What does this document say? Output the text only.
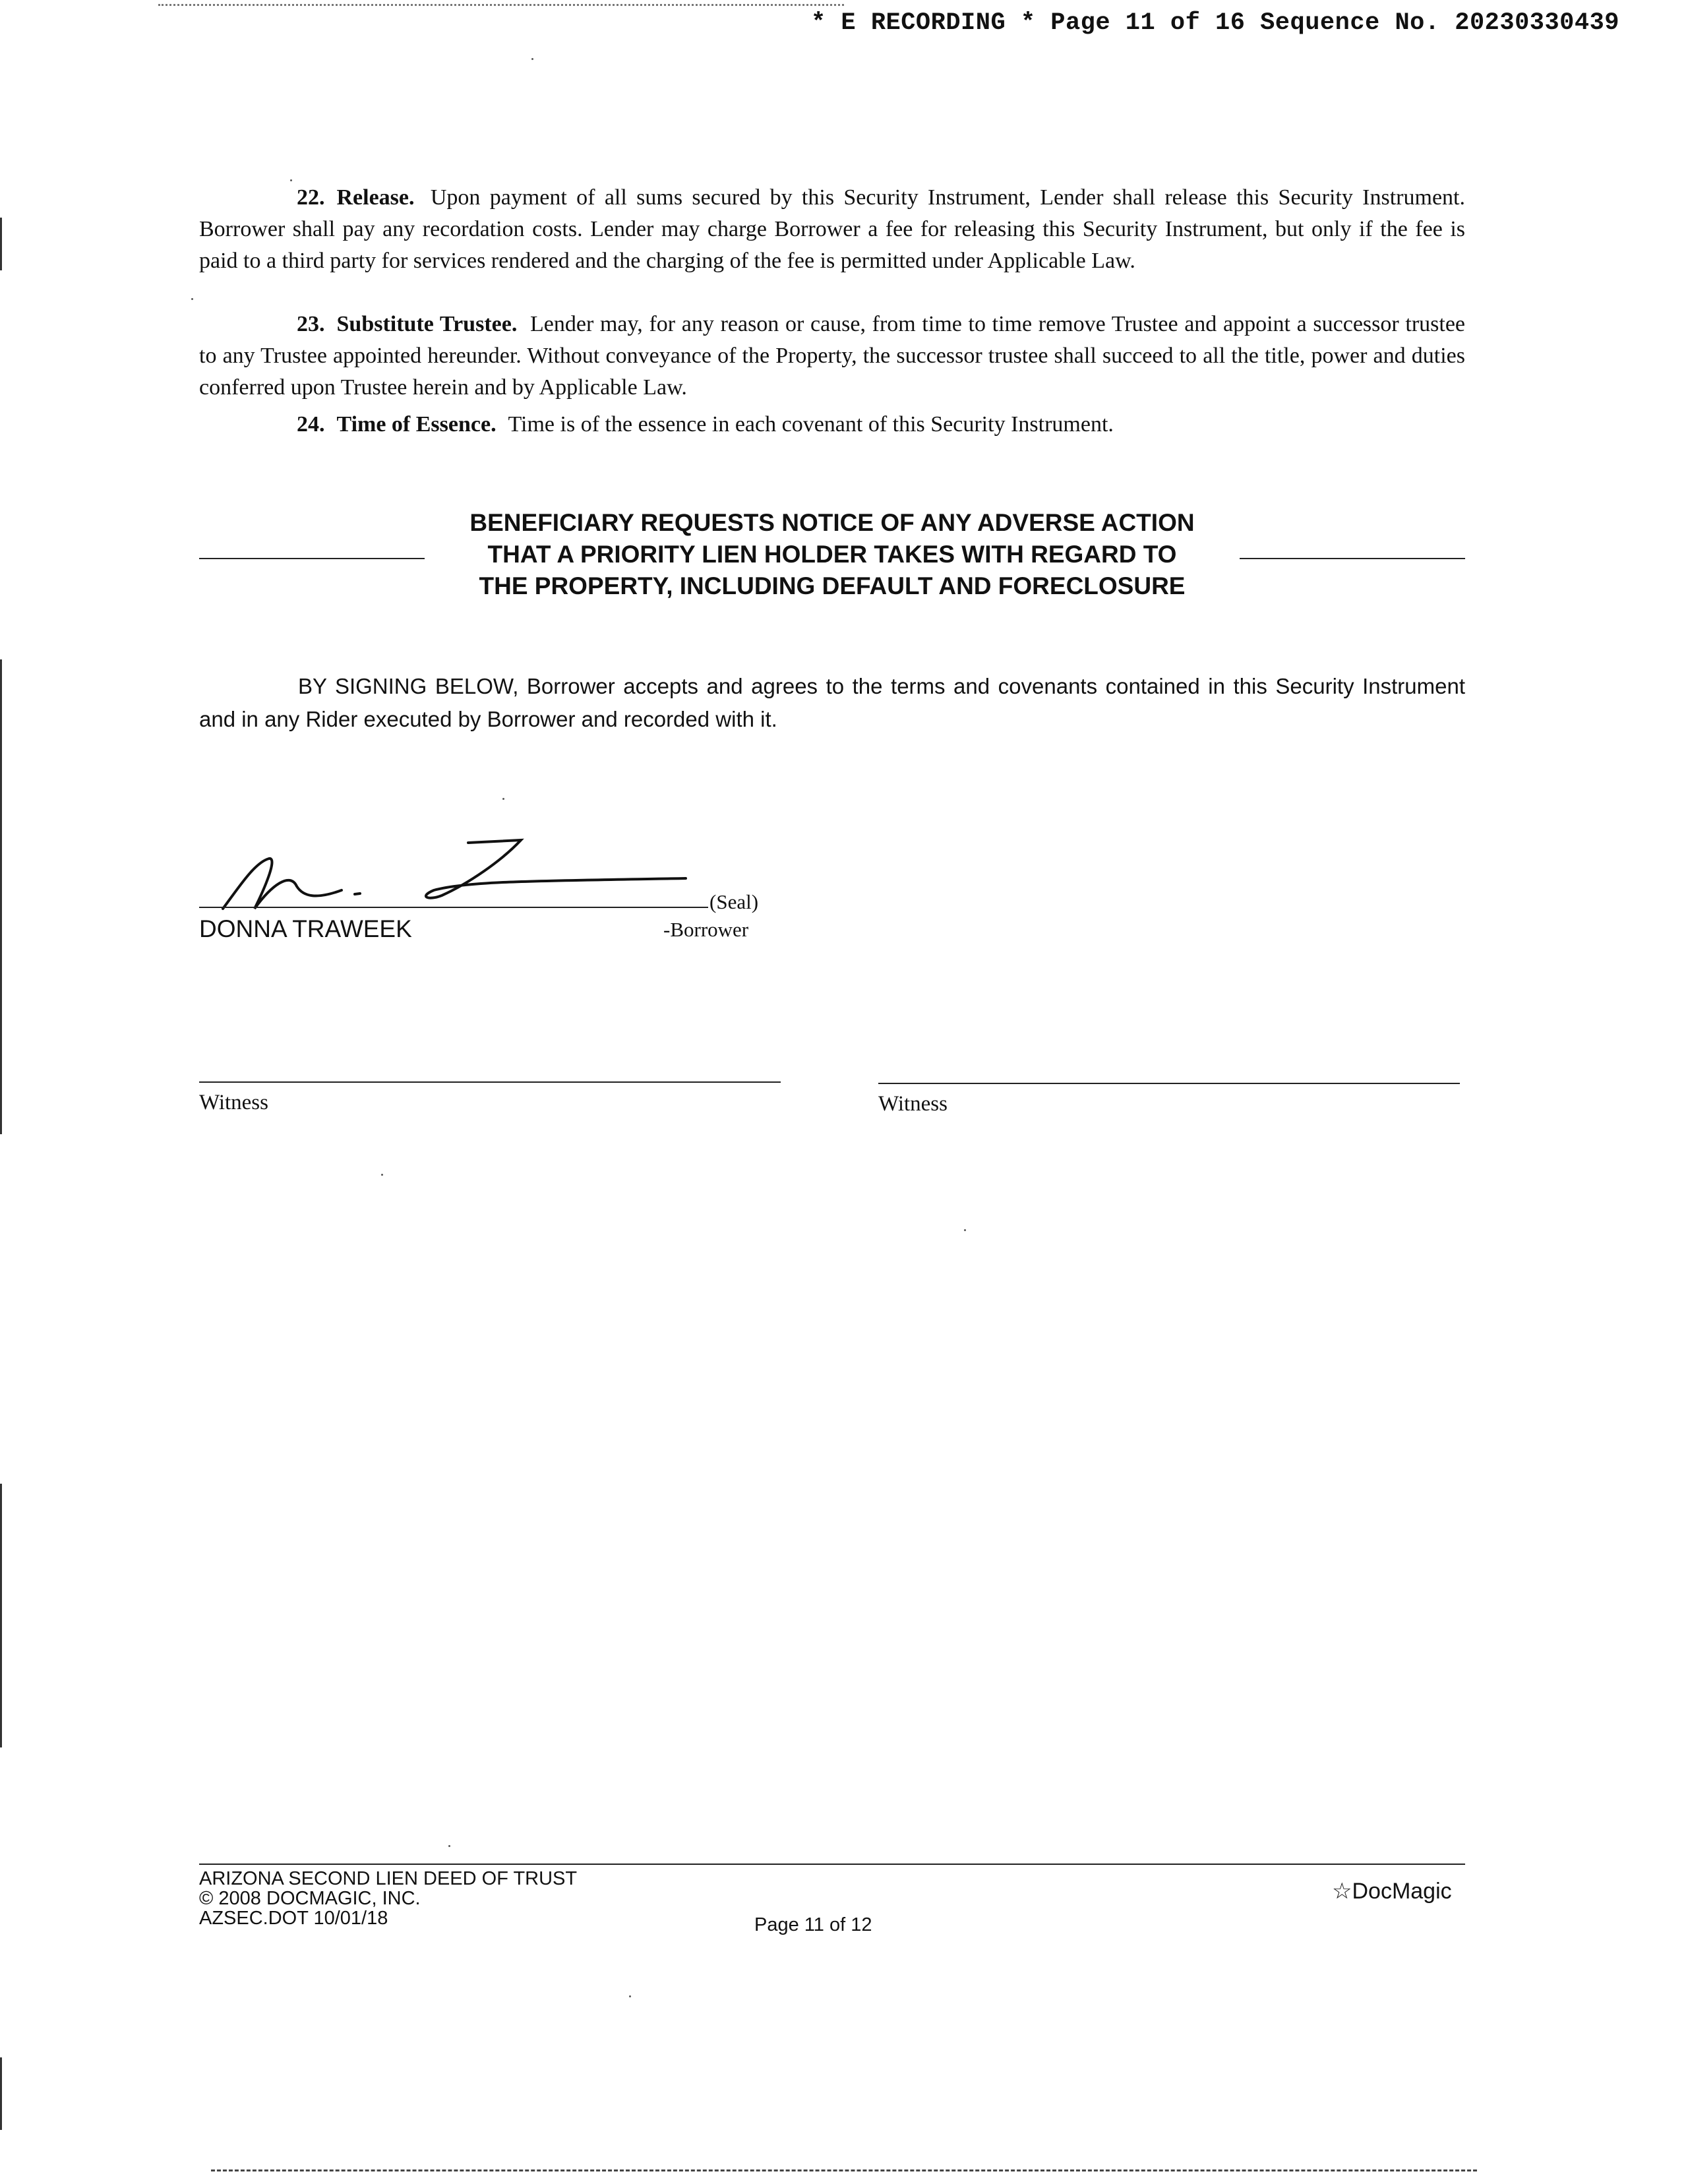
* E RECORDING * Page 11 of 16 Sequence No. 20230330439
22. Release. Upon payment of all sums secured by this Security Instrument, Lender shall release this Security Instrument. Borrower shall pay any recordation costs. Lender may charge Borrower a fee for releasing this Security Instrument, but only if the fee is paid to a third party for services rendered and the charging of the fee is permitted under Applicable Law.
23. Substitute Trustee. Lender may, for any reason or cause, from time to time remove Trustee and appoint a successor trustee to any Trustee appointed hereunder. Without conveyance of the Property, the successor trustee shall succeed to all the title, power and duties conferred upon Trustee herein and by Applicable Law.
24. Time of Essence. Time is of the essence in each covenant of this Security Instrument.
BENEFICIARY REQUESTS NOTICE OF ANY ADVERSE ACTION
THAT A PRIORITY LIEN HOLDER TAKES WITH REGARD TO
THE PROPERTY, INCLUDING DEFAULT AND FORECLOSURE
BY SIGNING BELOW, Borrower accepts and agrees to the terms and covenants contained in this Security Instrument and in any Rider executed by Borrower and recorded with it.
(Seal)
DONNA TRAWEEK	-Borrower
Witness	Witness
ARIZONA SECOND LIEN DEED OF TRUST
© 2008 DOCMAGIC, INC.
AZSEC.DOT 10/01/18	Page 11 of 12
☆DocMagic
